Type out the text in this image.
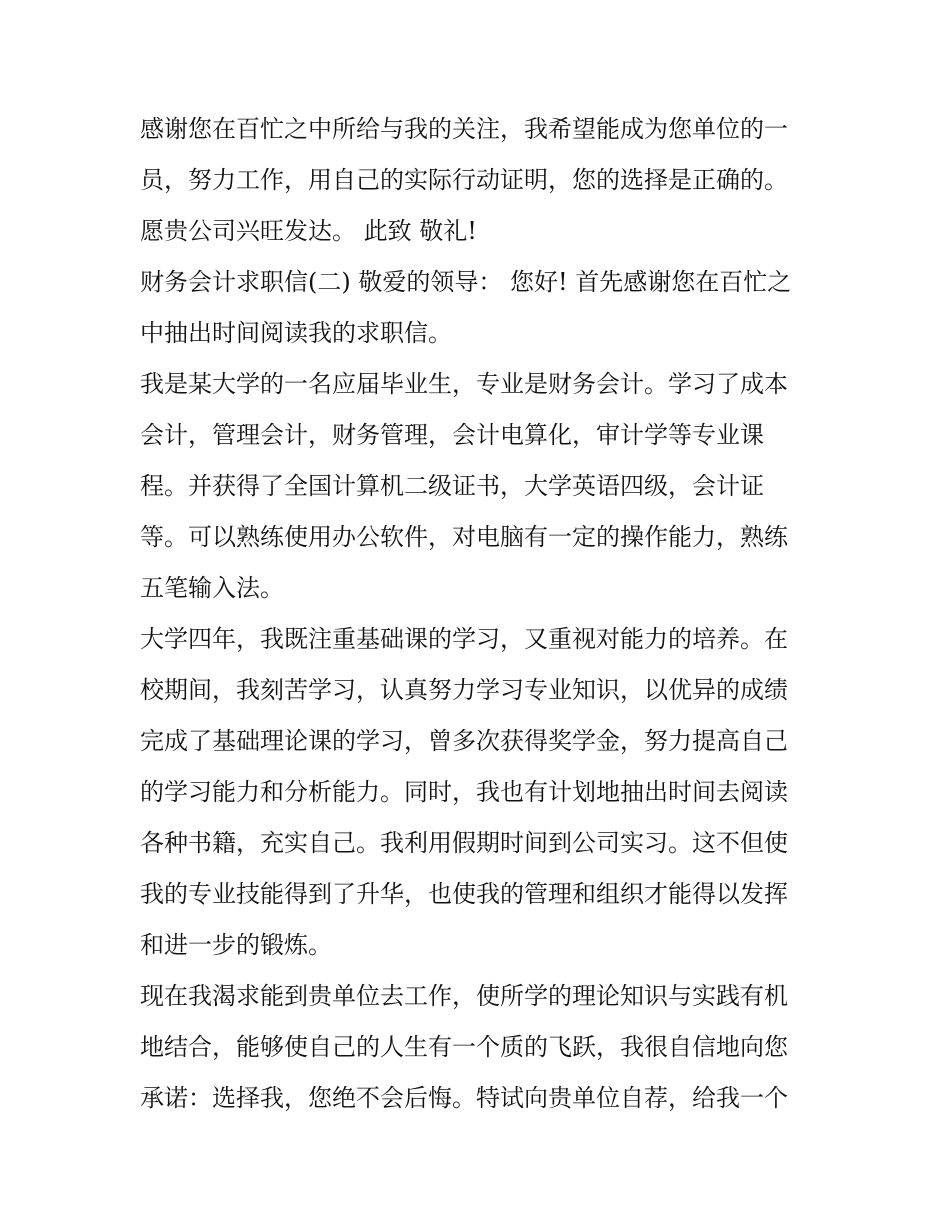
感谢您在百忙之中所给与我的关注，我希望能成为您单位的一
员，努力工作，用自己的实际行动证明，您的选择是正确的。
愿贵公司兴旺发达。 此致 敬礼!
财务会计求职信(二) 敬爱的领导： 您好! 首先感谢您在百忙之
中抽出时间阅读我的求职信。
我是某大学的一名应届毕业生，专业是财务会计。学习了成本
会计，管理会计，财务管理，会计电算化，审计学等专业课
程。并获得了全国计算机二级证书，大学英语四级，会计证
等。可以熟练使用办公软件，对电脑有一定的操作能力，熟练
五笔输入法。
大学四年，我既注重基础课的学习，又重视对能力的培养。在
校期间，我刻苦学习，认真努力学习专业知识，以优异的成绩
完成了基础理论课的学习，曾多次获得奖学金，努力提高自己
的学习能力和分析能力。同时，我也有计划地抽出时间去阅读
各种书籍，充实自己。我利用假期时间到公司实习。这不但使
我的专业技能得到了升华，也使我的管理和组织才能得以发挥
和进一步的锻炼。
现在我渴求能到贵单位去工作，使所学的理论知识与实践有机
地结合，能够使自己的人生有一个质的飞跃，我很自信地向您
承诺：选择我，您绝不会后悔。特试向贵单位自荐，给我一个
